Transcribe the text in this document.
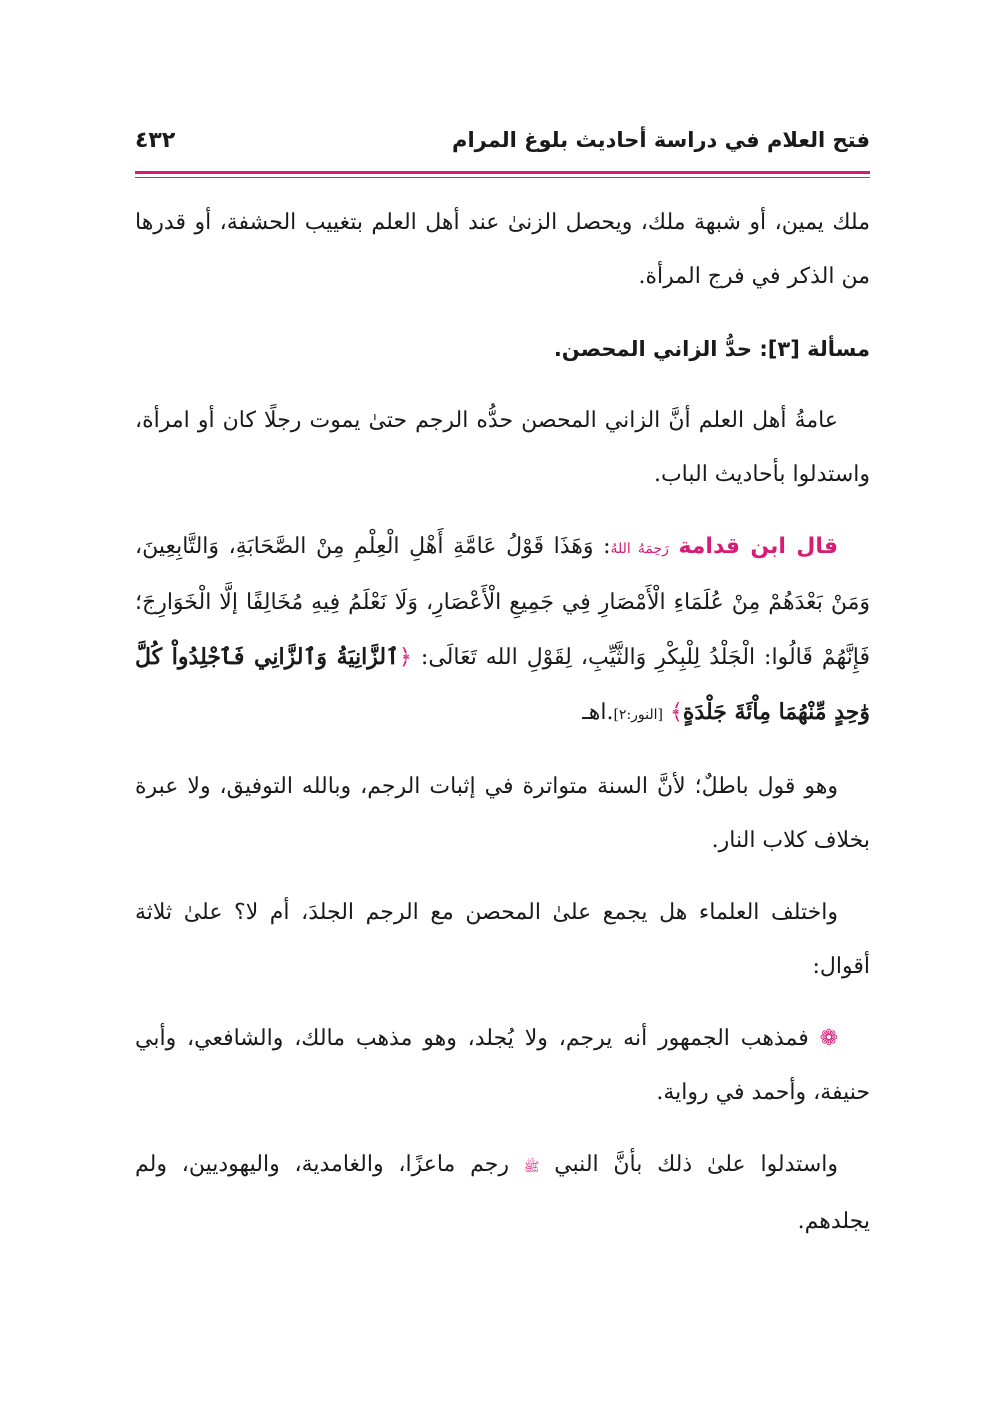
فتح العلام في دراسة أحاديث بلوغ المرام
٤٣٢

ملك يمين، أو شبهة ملك، ويحصل الزنىٰ عند أهل العلم بتغييب الحشفة، أو قدرها من الذكر في فرج المرأة.

مسألة [٣]: حدُّ الزاني المحصن.

عامةُ أهل العلم أنَّ الزاني المحصن حدُّه الرجم حتىٰ يموت رجلًا كان أو امرأة، واستدلوا بأحاديث الباب.

قال ابن قدامة رَحِمَهُ اللهُ: وَهَذَا قَوْلُ عَامَّةِ أَهْلِ الْعِلْمِ مِنْ الصَّحَابَةِ، وَالتَّابِعِينَ، وَمَنْ بَعْدَهُمْ مِنْ عُلَمَاءِ الْأَمْصَارِ فِي جَمِيعِ الْأَعْصَارِ، وَلَا نَعْلَمُ فِيهِ مُخَالِفًا إلَّا الْخَوَارِجَ؛ فَإِنَّهُمْ قَالُوا: الْجَلْدُ لِلْبِكْرِ وَالثَّيِّبِ، لِقَوْلِ الله تَعَالَى: ﴿ٱلزَّانِيَةُ وَٱلزَّانِي فَٱجْلِدُواْ كُلَّ وَٰحِدٍ مِّنْهُمَا مِاْئَةَ جَلْدَةٍ﴾ [النور:٢].اهـ

وهو قول باطلٌ؛ لأنَّ السنة متواترة في إثبات الرجم، وبالله التوفيق، ولا عبرة بخلاف كلاب النار.

واختلف العلماء هل يجمع علىٰ المحصن مع الرجم الجلدَ، أم لا؟ علىٰ ثلاثة أقوال:

❁ فمذهب الجمهور أنه يرجم، ولا يُجلد، وهو مذهب مالك، والشافعي، وأبي حنيفة، وأحمد في رواية.

واستدلوا علىٰ ذلك بأنَّ النبي ﷺ رجم ماعزًا، والغامدية، واليهوديين، ولم يجلدهم.
